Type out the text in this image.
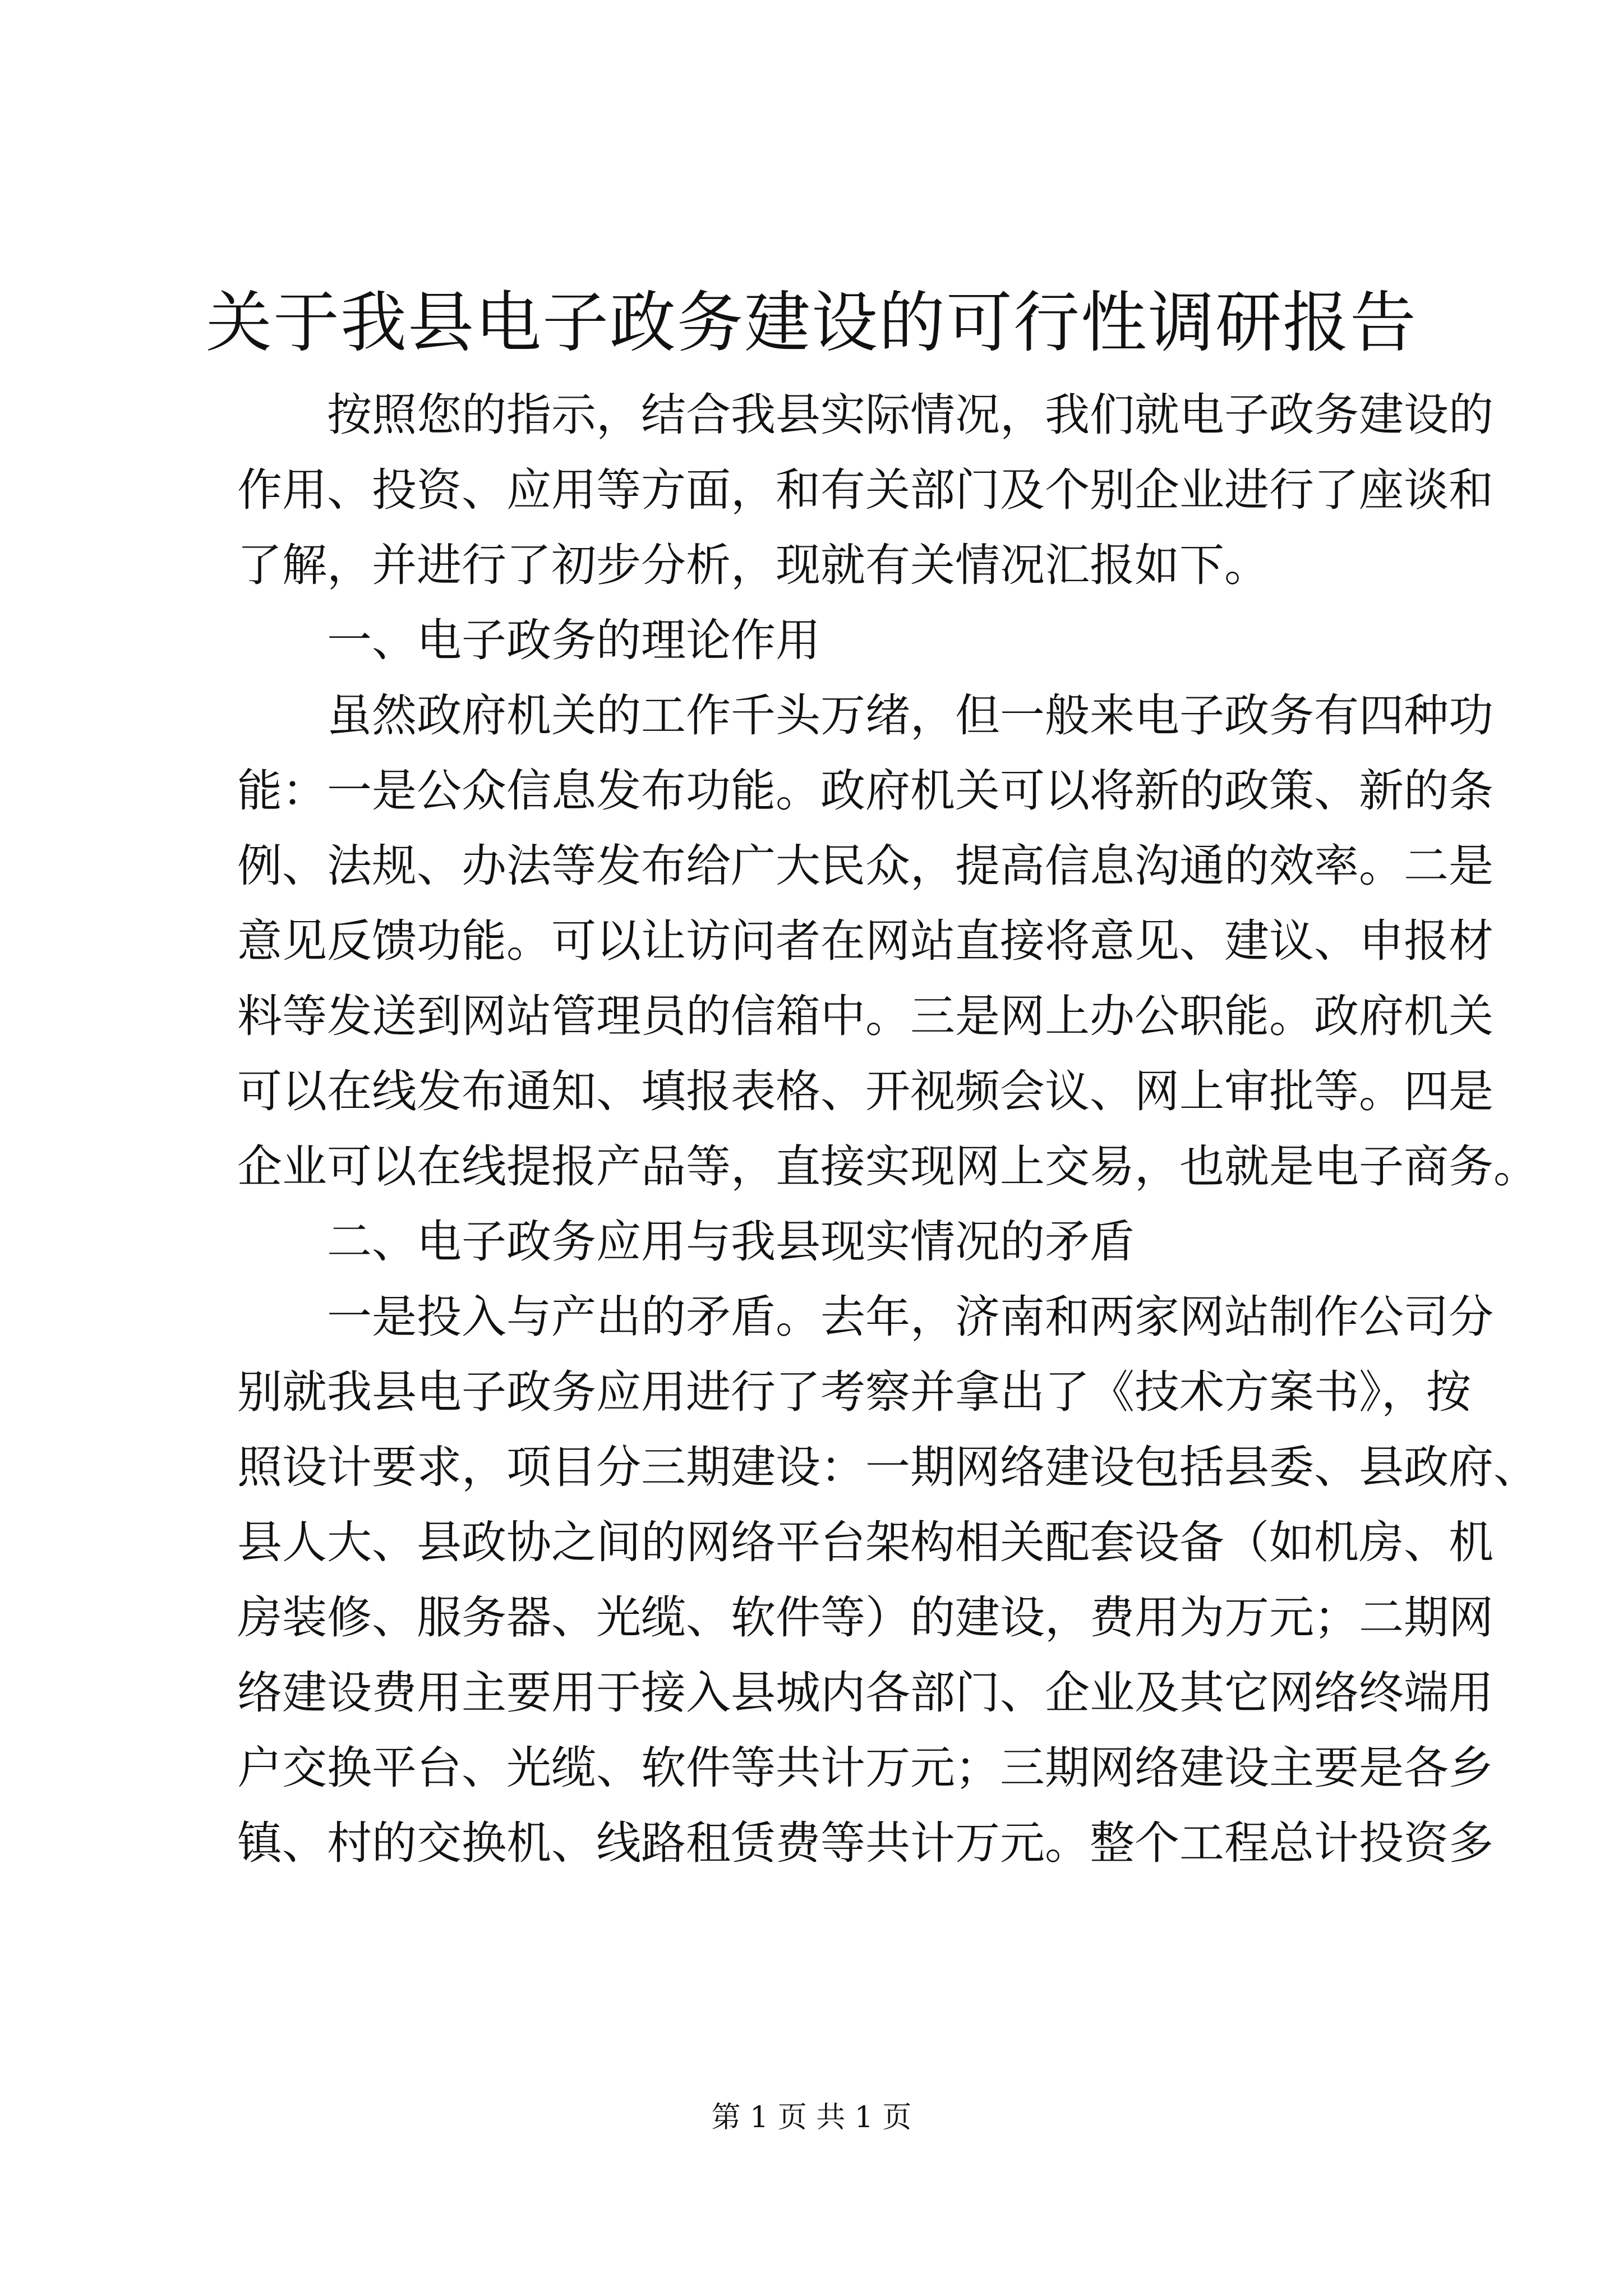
关于我县电子政务建设的可行性调研报告

按照您的指示，结合我县实际情况，我们就电子政务建设的

作用、投资、应用等方面，和有关部门及个别企业进行了座谈和

了解，并进行了初步分析，现就有关情况汇报如下。

一、电子政务的理论作用

虽然政府机关的工作千头万绪，但一般来电子政务有四种功

能：一是公众信息发布功能。政府机关可以将新的政策、新的条

例、法规、办法等发布给广大民众，提高信息沟通的效率。二是

意见反馈功能。可以让访问者在网站直接将意见、建议、申报材

料等发送到网站管理员的信箱中。三是网上办公职能。政府机关

可以在线发布通知、填报表格、开视频会议、网上审批等。四是

企业可以在线提报产品等，直接实现网上交易，也就是电子商务。

二、电子政务应用与我县现实情况的矛盾

一是投入与产出的矛盾。去年，济南和两家网站制作公司分

别就我县电子政务应用进行了考察并拿出了《技术方案书》，按

照设计要求，项目分三期建设：一期网络建设包括县委、县政府、

县人大、县政协之间的网络平台架构相关配套设备（如机房、机

房装修、服务器、光缆、软件等）的建设，费用为万元；二期网

络建设费用主要用于接入县城内各部门、企业及其它网络终端用

户交换平台、光缆、软件等共计万元；三期网络建设主要是各乡

镇、村的交换机、线路租赁费等共计万元。整个工程总计投资多

第 1 页 共 1 页
